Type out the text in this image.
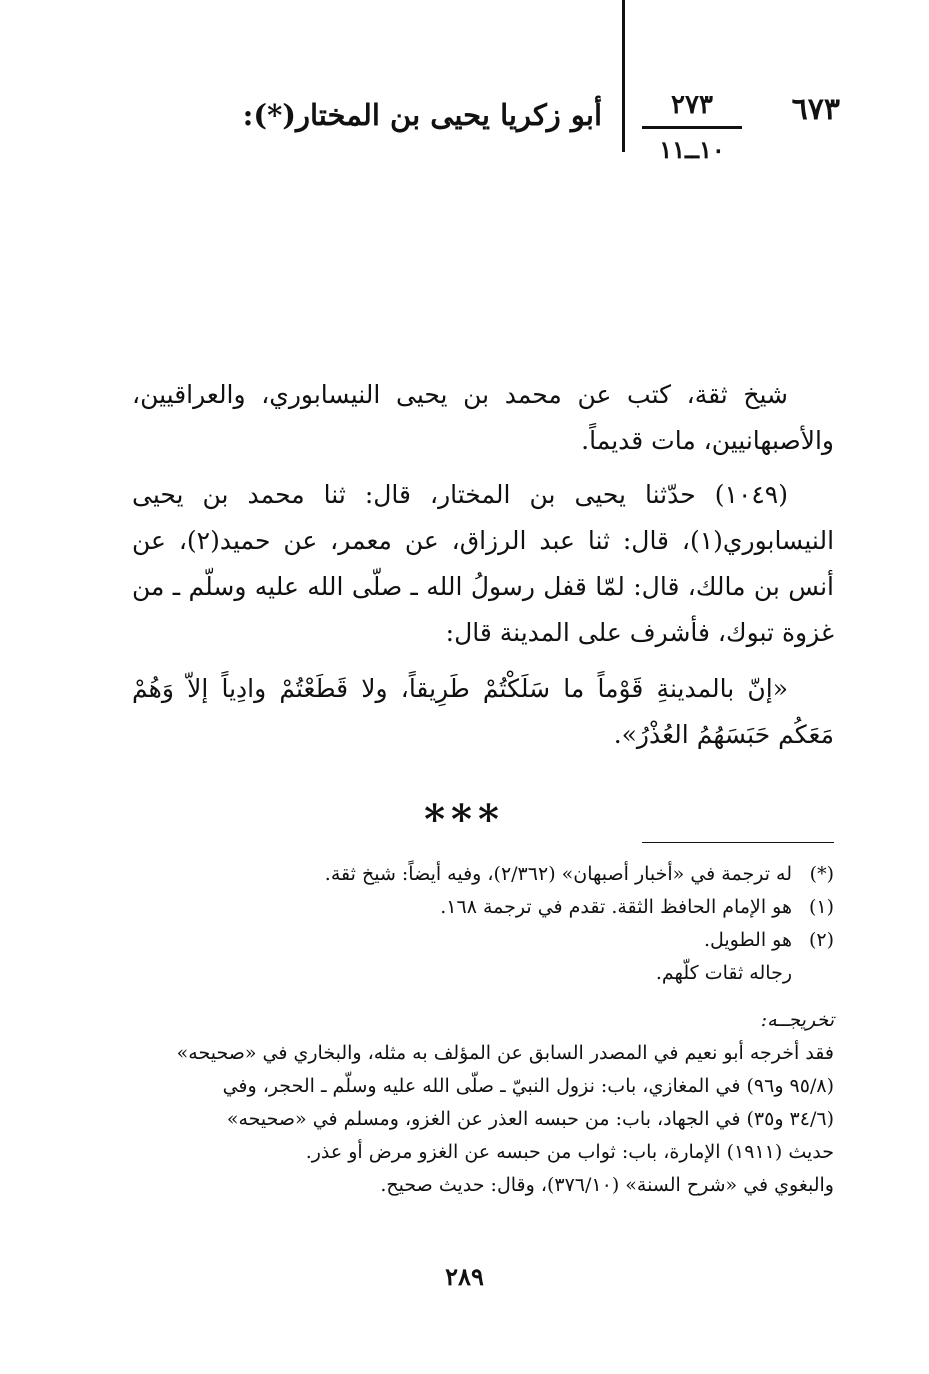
٦٧٣
٢٧٣
١٠ــ١١
أبو زكريا يحيى بن المختار(*):

شيخ ثقة، كتب عن محمد بن يحيى النيسابوري، والعراقيين، والأصبهانيين، مات قديماً.

(١٠٤٩) حدّثنا يحيى بن المختار، قال: ثنا محمد بن يحيى النيسابوري(١)، قال: ثنا عبد الرزاق، عن معمر، عن حميد(٢)، عن أنس بن مالك، قال: لمّا قفل رسولُ الله ـ صلّى الله عليه وسلّم ـ من غزوة تبوك، فأشرف على المدينة قال:

«إنّ بالمدينةِ قَوْماً ما سَلَكْتُمْ طَرِيقاً، ولا قَطَعْتُمْ وادِياً إلاّ وَهُمْ مَعَكُم حَبَسَهُمُ العُذْرُ».

***

(*)له ترجمة في «أخبار أصبهان» (٢/٣٦٢)، وفيه أيضاً: شيخ ثقة.

(١)هو الإمام الحافظ الثقة. تقدم في ترجمة ١٦٨.

(٢)هو الطويل.

رجاله ثقات كلّهم.

تخريجــه:

فقد أخرجه أبو نعيم في المصدر السابق عن المؤلف به مثله، والبخاري في «صحيحه»
(٩٥/٨ و٩٦) في المغازي، باب: نزول النبيّ ـ صلّى الله عليه وسلّم ـ الحجر، وفي
(٣٤/٦ و٣٥) في الجهاد، باب: من حبسه العذر عن الغزو، ومسلم في «صحيحه»
حديث (١٩١١) الإمارة، باب: ثواب من حبسه عن الغزو مرض أو عذر.
والبغوي في «شرح السنة» (٣٧٦/١٠)، وقال: حديث صحيح.

٢٨٩
